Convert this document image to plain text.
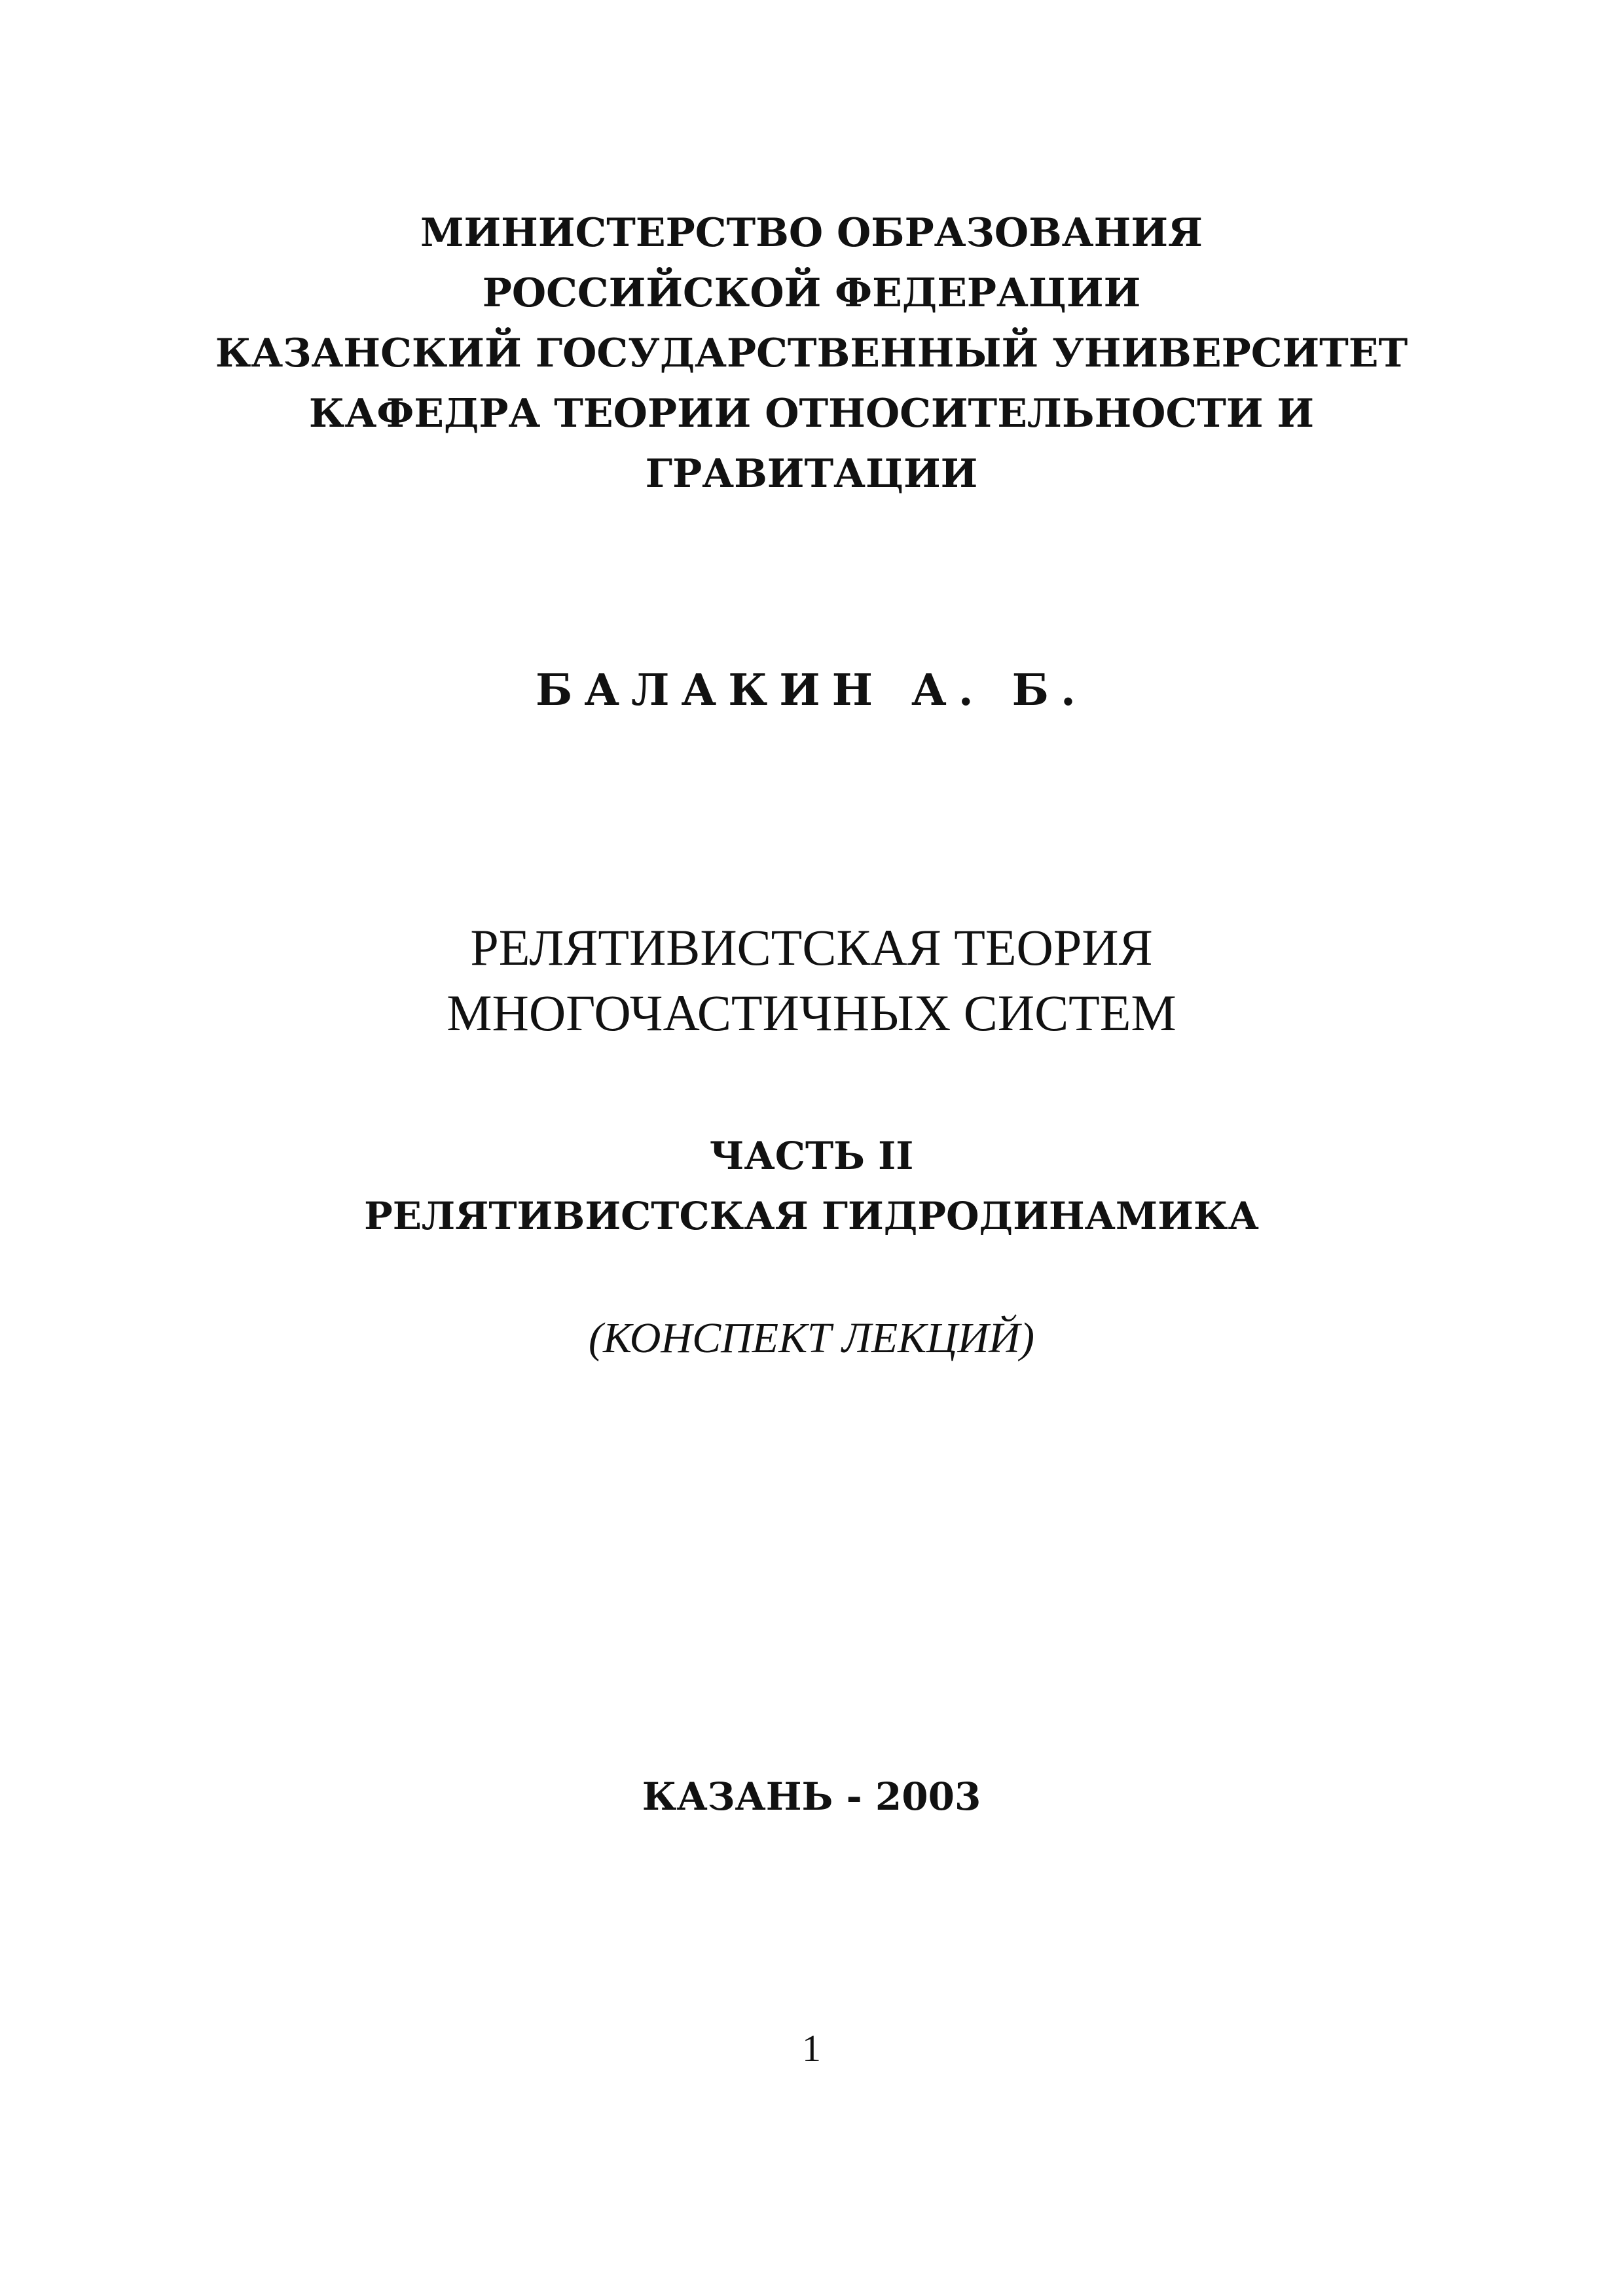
МИНИСТЕРСТВО ОБРАЗОВАНИЯ
РОССИЙСКОЙ ФЕДЕРАЦИИ
КАЗАНСКИЙ ГОСУДАРСТВЕННЫЙ УНИВЕРСИТЕТ
КАФЕДРА ТЕОРИИ ОТНОСИТЕЛЬНОСТИ И
ГРАВИТАЦИИ
БАЛАКИН А. Б.
РЕЛЯТИВИСТСКАЯ ТЕОРИЯ
МНОГОЧАСТИЧНЫХ СИСТЕМ
ЧАСТЬ II
РЕЛЯТИВИСТСКАЯ ГИДРОДИНАМИКА
(КОНСПЕКТ ЛЕКЦИЙ)
КАЗАНЬ - 2003
1
